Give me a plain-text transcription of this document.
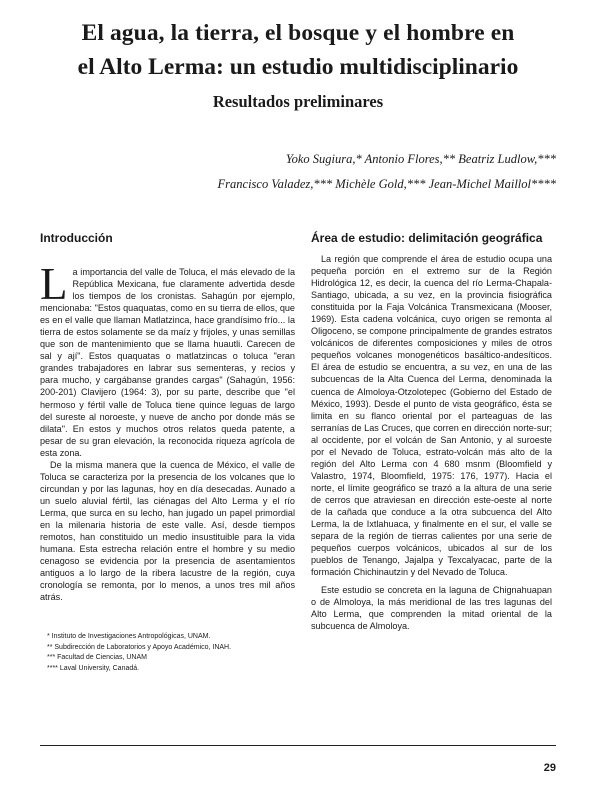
El agua, la tierra, el bosque y el hombre en
el Alto Lerma: un estudio multidisciplinario
Resultados preliminares
Yoko Sugiura,* Antonio Flores,** Beatriz Ludlow,***
Francisco Valadez,*** Michèle Gold,*** Jean-Michel Maillol****
Introducción	Área de estudio: delimitación geográfica

La importancia del valle de Toluca, el más elevado de la República Mexicana, fue claramente advertida desde los tiempos de los cronistas. Sahagún por ejemplo, mencionaba: "Estos quaquatas, como en su tierra de ellos, que es en el valle que llaman Matlatzinca, hace grandísimo frío... la tierra de estos solamente se da maíz y frijoles, y unas semillas que son de mantenimiento que se llama huautli. Carecen de sal y ají". Estos quaquatas o matlatzincas o toluca "eran grandes trabajadores en labrar sus sementeras, y recios y para mucho, y cargábanse grandes cargas" (Sahagún, 1956: 200-201) Clavijero (1964: 3), por su parte, describe que "el hermoso y fértil valle de Toluca tiene quince leguas de largo del sureste al noroeste, y nueve de ancho por donde más se dilata". En estos y muchos otros relatos queda patente, a pesar de su gran elevación, la reconocida riqueza agrícola de esta zona.

De la misma manera que la cuenca de México, el valle de Toluca se caracteriza por la presencia de los volcanes que lo circundan y por las lagunas, hoy en día desecadas. Aunado a un suelo aluvial fértil, las ciénagas del Alto Lerma y el río Lerma, que surca en su lecho, han jugado un papel primordial en la milenaria historia de este valle. Así, desde tiempos remotos, han constituido un medio insustituible para la vida humana. Esta estrecha relación entre el hombre y su medio cenagoso se evidencia por la presencia de asentamientos antiguos a lo largo de la ribera lacustre de la región, cuya cronología se remonta, por lo menos, a unos tres mil años atrás.

La región que comprende el área de estudio ocupa una pequeña porción en el extremo sur de la Región Hidrológica 12, es decir, la cuenca del río Lerma-Chapala-Santiago, ubicada, a su vez, en la provincia fisiográfica constituida por la Faja Volcánica Transmexicana (Mooser, 1969). Esta cadena volcánica, cuyo origen se remonta al Oligoceno, se compone principalmente de grandes estratos volcánicos de diferentes composiciones y miles de otros pequeños volcanes monogenéticos basáltico-andesíticos. El área de estudio se encuentra, a su vez, en una de las subcuencas de la Alta Cuenca del Lerma, denominada la cuenca de Almoloya-Otzolotepec (Gobierno del Estado de México, 1993). Desde el punto de vista geográfico, ésta se limita en su flanco oriental por el parteaguas de las serranías de Las Cruces, que corren en dirección norte-sur; al occidente, por el volcán de San Antonio, y al suroeste por el Nevado de Toluca, estrato-volcán más alto de la región del Alto Lerma con 4 680 msnm (Bloomfield y Valastro, 1974, Bloomfield, 1975: 176, 1977). Hacia el norte, el límite geográfico se trazó a la altura de una serie de cerros que atraviesan en dirección este-oeste al norte de la cañada que conduce a la otra subcuenca del Alto Lerma, la de Ixtlahuaca, y finalmente en el sur, el valle se separa de la región de tierras calientes por una serie de pequeños cuerpos volcánicos, ubicados al sur de los pueblos de Tenango, Jajalpa y Texcalyacac, parte de la formación Chichinautzin y del Nevado de Toluca.

Este estudio se concreta en la laguna de Chignahuapan o de Almoloya, la más meridional de las tres lagunas del Alto Lerma, que comprenden la mitad oriental de la subcuenca de Almoloya.

* Instituto de Investigaciones Antropológicas, UNAM.
** Subdirección de Laboratorios y Apoyo Académico, INAH.
*** Facultad de Ciencias, UNAM
**** Laval University, Canadá.
29
